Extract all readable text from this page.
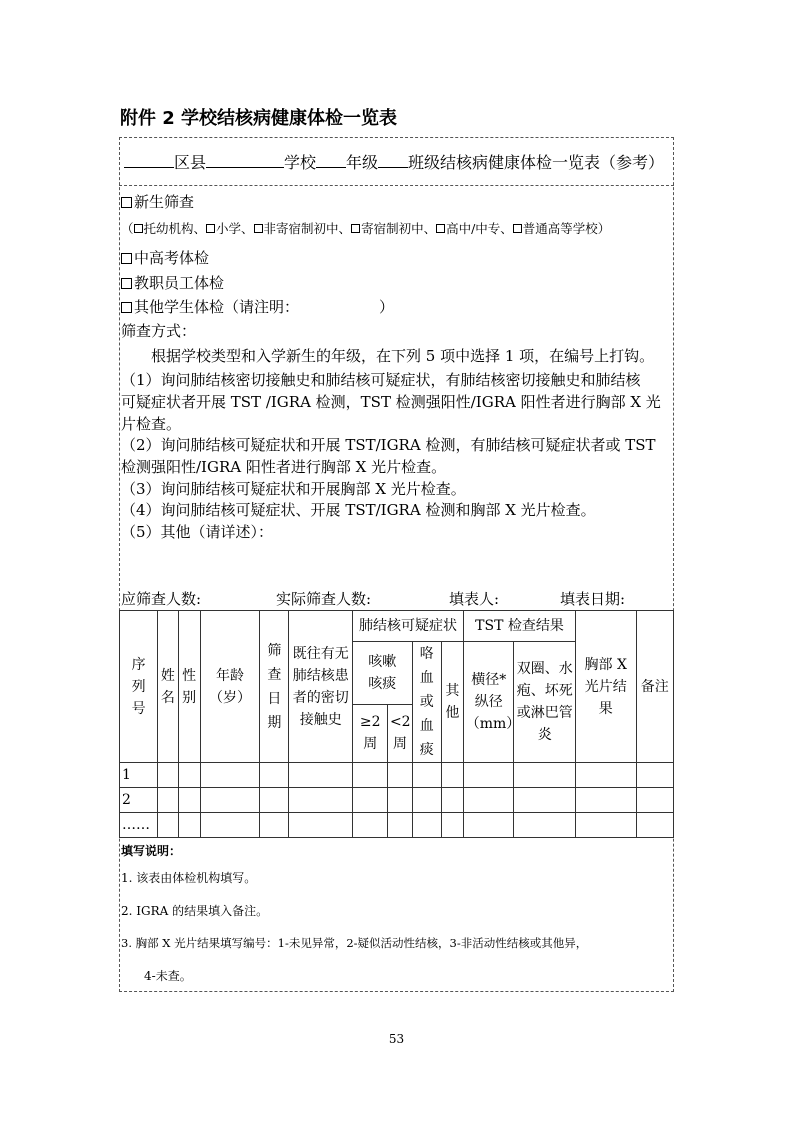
附件 2 学校结核病健康体检一览表
区县	学校 年级 班级结核病健康体检一览表（参考）
新生筛查
（ 托幼机构、 小学、 非寄宿制初中、 寄宿制初中、 高中/中专、 普通高等学校）
中高考体检
教职员工体检
其他学生体检（请注明：	）
筛查方式：
根据学校类型和入学新生的年级，在下列 5 项中选择 1 项，在编号上打钩。
（1）询问肺结核密切接触史和肺结核可疑症状，有肺结核密切接触史和肺结核
可疑症状者开展 TST /IGRA 检测，TST 检测强阳性/IGRA 阳性者进行胸部 X 光
片检查。
（2）询问肺结核可疑症状和开展 TST/IGRA 检测，有肺结核可疑症状者或 TST
检测强阳性/IGRA 阳性者进行胸部 X 光片检查。
（3）询问肺结核可疑症状和开展胸部 X 光片检查。
（4）询问肺结核可疑症状、开展 TST/IGRA 检测和胸部 X 光片检查。
（5）其他（请详述）：
应筛查人数:	实际筛查人数:	填表人:	填表日期:
序列号	姓名	性别	年龄（岁）	筛查日期	既往有无肺结核患者的密切接触史	肺结核可疑症状				TST 检查结果		胸部 X 光片结果	备注

						咳嗽咳痰		咯血或血痰	其他	横径*纵径（mm）	双圈、水疱、坏死或淋巴管炎		

						≥2周	<2周						

1													
2													
……													
填写说明：
1. 该表由体检机构填写。
2. IGRA 的结果填入备注。
3. 胸部 X 光片结果填写编号：1-未见异常，2-疑似活动性结核，3-非活动性结核或其他异，
4-未查。
53
